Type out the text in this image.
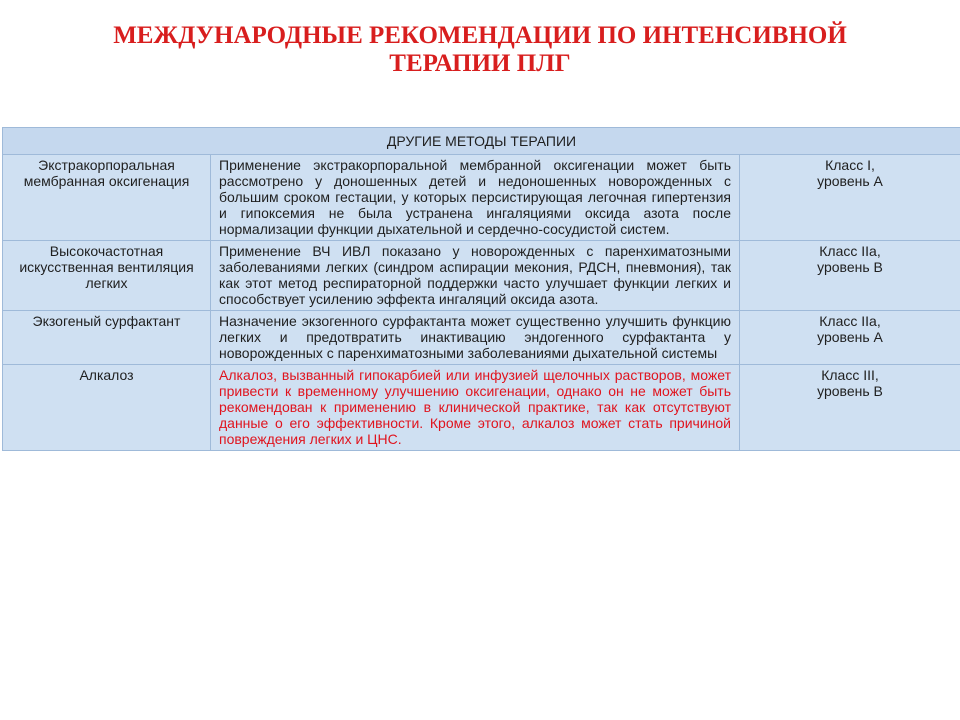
МЕЖДУНАРОДНЫЕ РЕКОМЕНДАЦИИ ПО ИНТЕНСИВНОЙ
ТЕРАПИИ ПЛГ
ДРУГИЕ МЕТОДЫ ТЕРАПИИ		
Экстракорпоральная мембранная оксигенация	Применение экстракорпоральной мембранной оксигенации может быть рассмотрено у доношенных детей и недоношенных новорожденных с большим сроком гестации, у которых персистирующая легочная гипертензия и гипоксемия не была устранена ингаляциями оксида азота после нормализации функции дыхательной и сердечно-сосудистой систем.	Класс I,
уровень А

Высокочастотная искусственная вентиляция легких	Применение ВЧ ИВЛ показано у новорожденных с паренхиматозными заболеваниями легких (синдром аспирации мекония, РДСН, пневмония), так как этот метод респираторной поддержки часто улучшает функции легких и способствует усилению эффекта ингаляций оксида азота.	Класс IIa,
уровень В

Экзогеный сурфактант	Назначение экзогенного сурфактанта может существенно улучшить функцию легких и предотвратить инактивацию эндогенного сурфактанта у новорожденных с паренхиматозными заболеваниями дыхательной системы	Класс IIa,
уровень А

Алкалоз	Алкалоз, вызванный гипокарбией или инфузией щелочных растворов, может привести к временному улучшению оксигенации, однако он не может быть рекомендован к применению в клинической практике, так как отсутствуют данные о его эффективности. Кроме этого, алкалоз может стать причиной повреждения легких и ЦНС.	Класс III,
уровень В
